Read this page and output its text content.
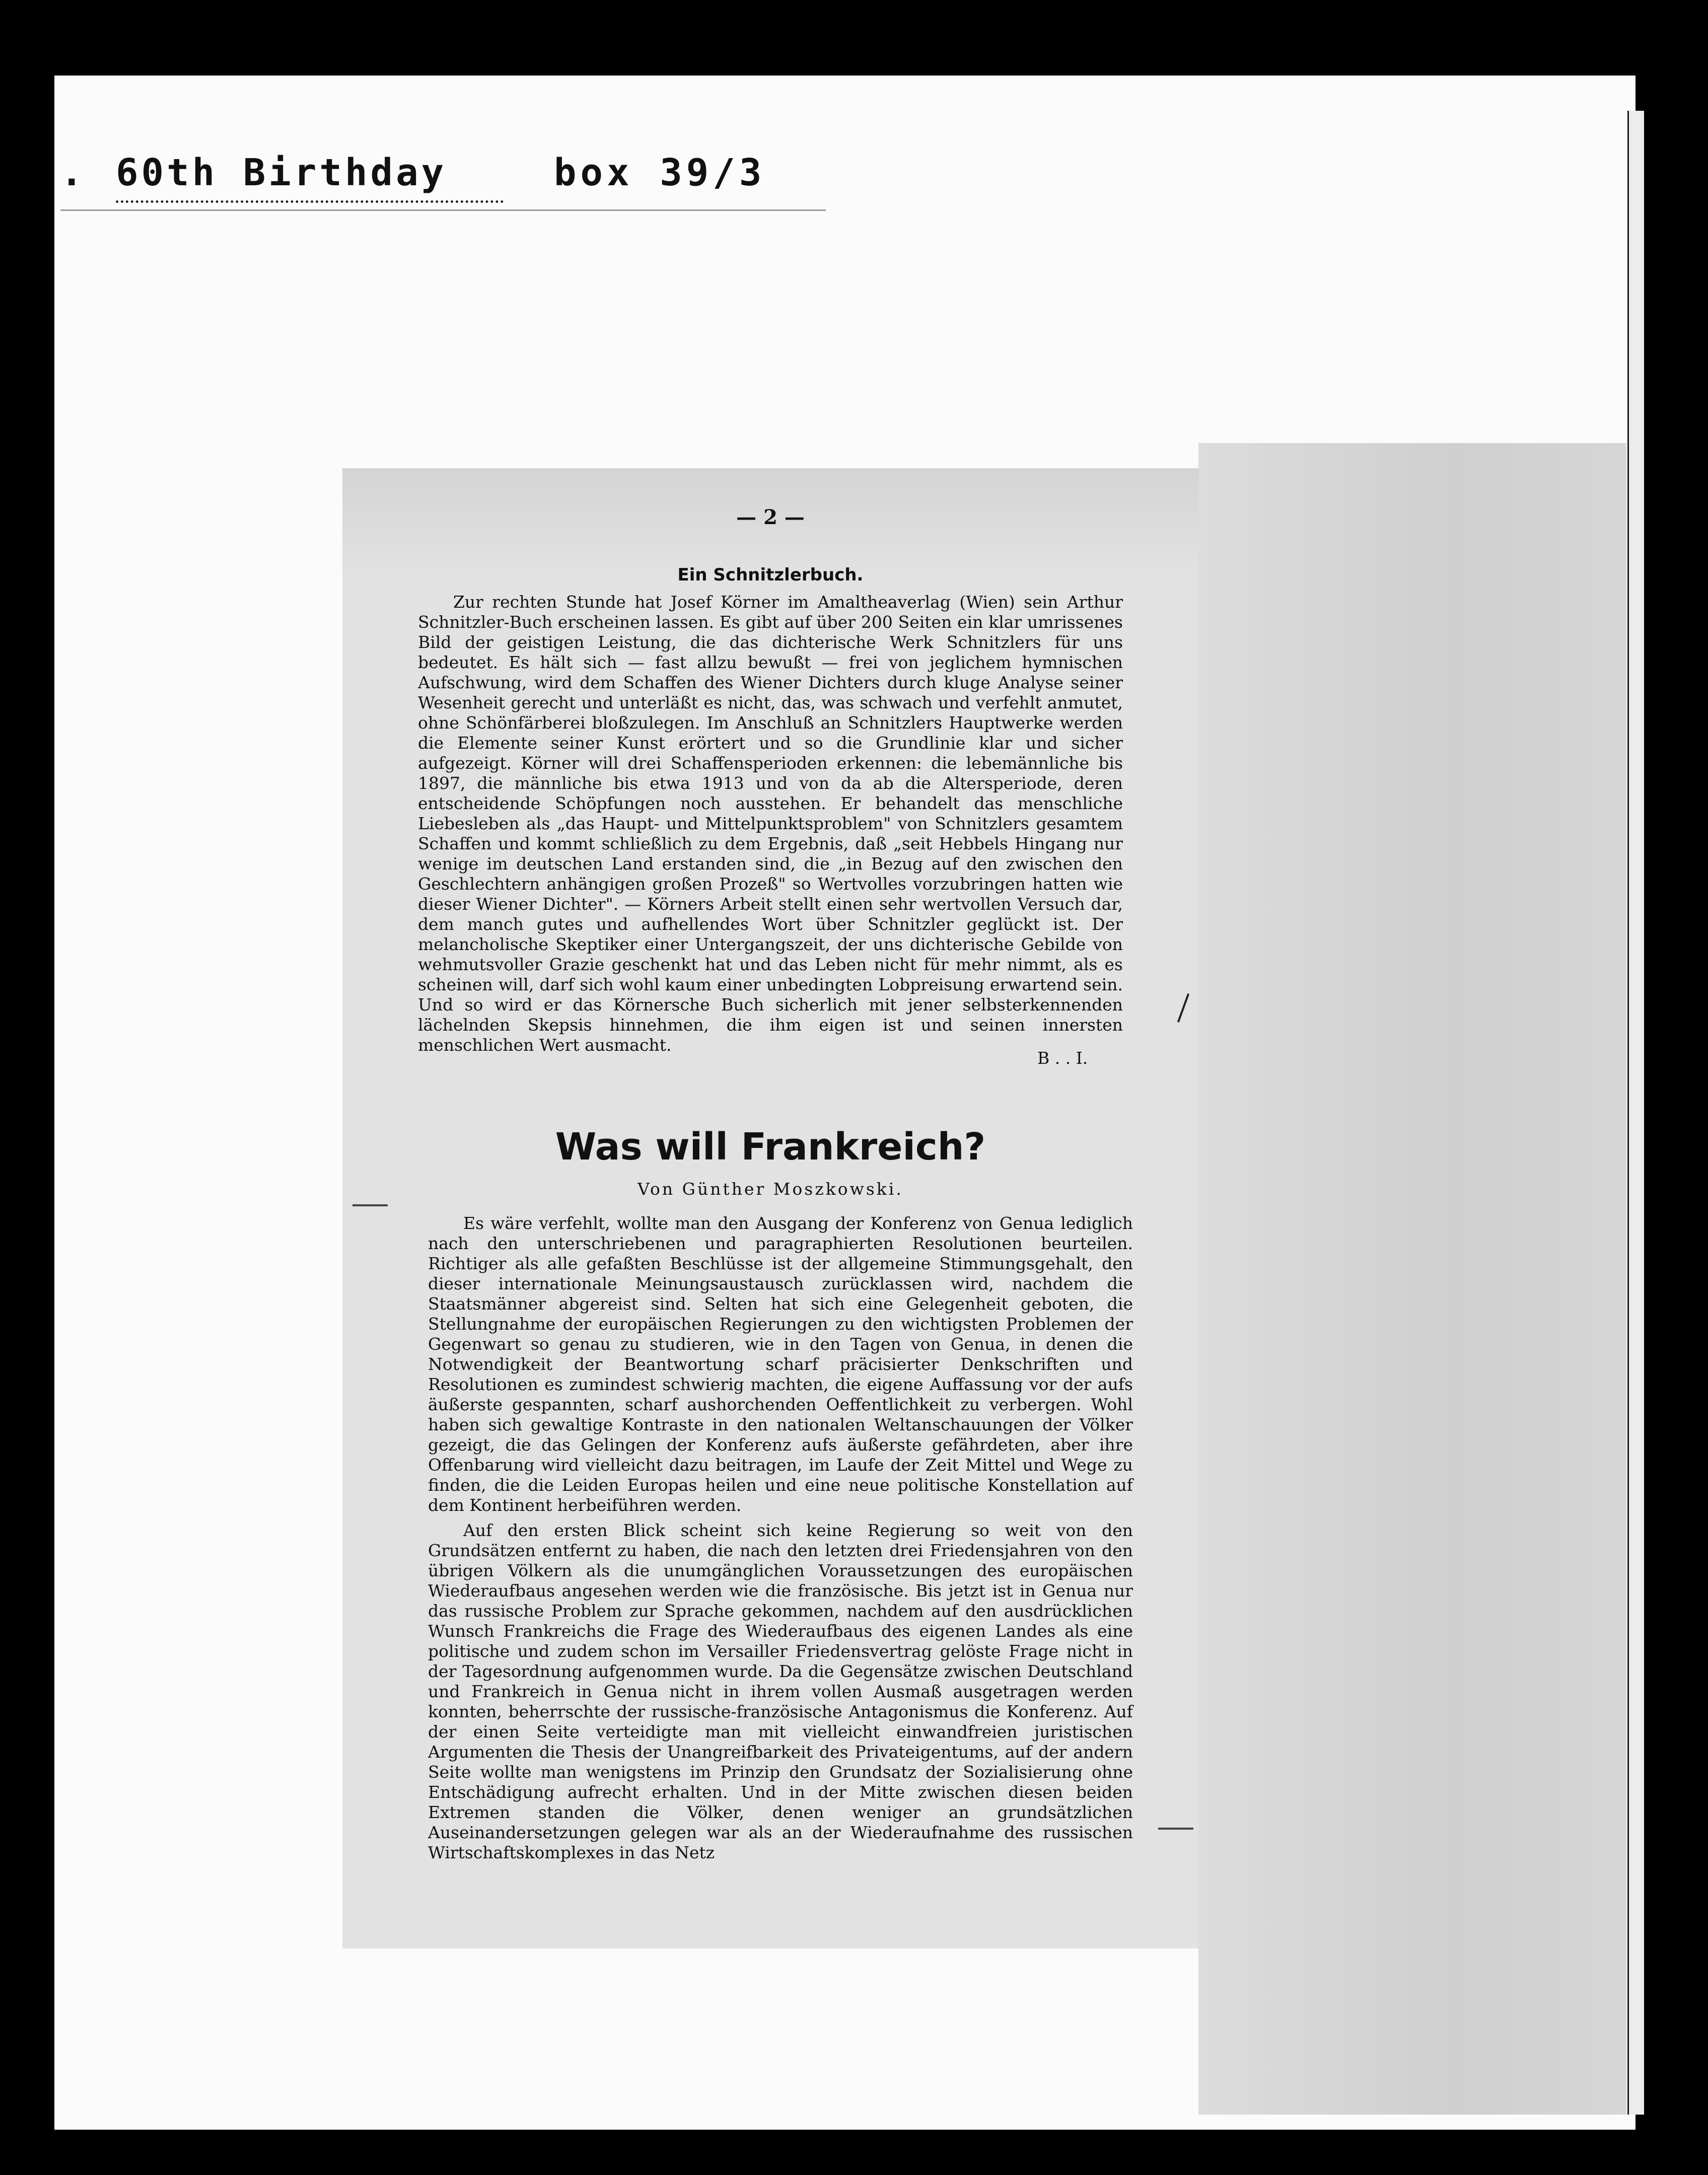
. 60th Birthday	box 39/3
— 2 —
Ein Schnitzlerbuch.
Zur rechten Stunde hat Josef Körner im Amaltheaverlag (Wien) sein Arthur Schnitzler-Buch erscheinen lassen. Es gibt auf über 200 Seiten ein klar umrissenes Bild der geistigen Leistung, die das dichterische Werk Schnitzlers für uns bedeutet. Es hält sich — fast allzu bewußt — frei von jeglichem hymnischen Aufschwung, wird dem Schaffen des Wiener Dichters durch kluge Analyse seiner Wesenheit gerecht und unterläßt es nicht, das, was schwach und verfehlt anmutet, ohne Schönfärberei bloßzulegen. Im Anschluß an Schnitzlers Hauptwerke werden die Elemente seiner Kunst erörtert und so die Grundlinie klar und sicher aufgezeigt. Körner will drei Schaffensperioden erkennen: die lebemännliche bis 1897, die männliche bis etwa 1913 und von da ab die Altersperiode, deren entscheidende Schöpfungen noch ausstehen. Er behandelt das menschliche Liebesleben als „das Haupt- und Mittelpunktsproblem" von Schnitzlers gesamtem Schaffen und kommt schließlich zu dem Ergebnis, daß „seit Hebbels Hingang nur wenige im deutschen Land erstanden sind, die „in Bezug auf den zwischen den Geschlechtern anhängigen großen Prozeß" so Wertvolles vorzubringen hatten wie dieser Wiener Dichter". — Körners Arbeit stellt einen sehr wertvollen Versuch dar, dem manch gutes und aufhellendes Wort über Schnitzler geglückt ist. Der melancholische Skeptiker einer Untergangszeit, der uns dichterische Gebilde von wehmutsvoller Grazie geschenkt hat und das Leben nicht für mehr nimmt, als es scheinen will, darf sich wohl kaum einer unbedingten Lobpreisung erwartend sein. Und so wird er das Körnersche Buch sicherlich mit jener selbsterkennenden lächelnden Skepsis hinnehmen, die ihm eigen ist und seinen innersten menschlichen Wert ausmacht.
B . . I.
Was will Frankreich?
Von Günther Moszkowski.
Es wäre verfehlt, wollte man den Ausgang der Konferenz von Genua lediglich nach den unterschriebenen und paragraphierten Resolutionen beurteilen. Richtiger als alle gefaßten Beschlüsse ist der allgemeine Stimmungsgehalt, den dieser internationale Meinungsaustausch zurücklassen wird, nachdem die Staatsmänner abgereist sind. Selten hat sich eine Gelegenheit geboten, die Stellungnahme der europäischen Regierungen zu den wichtigsten Problemen der Gegenwart so genau zu studieren, wie in den Tagen von Genua, in denen die Notwendigkeit der Beantwortung scharf präcisierter Denkschriften und Resolutionen es zumindest schwierig machten, die eigene Auffassung vor der aufs äußerste gespannten, scharf aushorchenden Oeffentlichkeit zu verbergen. Wohl haben sich gewaltige Kontraste in den nationalen Weltanschauungen der Völker gezeigt, die das Gelingen der Konferenz aufs äußerste gefährdeten, aber ihre Offenbarung wird vielleicht dazu beitragen, im Laufe der Zeit Mittel und Wege zu finden, die die Leiden Europas heilen und eine neue politische Konstellation auf dem Kontinent herbeiführen werden.
Auf den ersten Blick scheint sich keine Regierung so weit von den Grundsätzen entfernt zu haben, die nach den letzten drei Friedensjahren von den übrigen Völkern als die unumgänglichen Voraussetzungen des europäischen Wiederaufbaus angesehen werden wie die französische. Bis jetzt ist in Genua nur das russische Problem zur Sprache gekommen, nachdem auf den ausdrücklichen Wunsch Frankreichs die Frage des Wiederaufbaus des eigenen Landes als eine politische und zudem schon im Versailler Friedensvertrag gelöste Frage nicht in der Tagesordnung aufgenommen wurde. Da die Gegensätze zwischen Deutschland und Frankreich in Genua nicht in ihrem vollen Ausmaß ausgetragen werden konnten, beherrschte der russische-französische Antagonismus die Konferenz. Auf der einen Seite verteidigte man mit vielleicht einwandfreien juristischen Argumenten die Thesis der Unangreifbarkeit des Privateigentums, auf der andern Seite wollte man wenigstens im Prinzip den Grundsatz der Sozialisierung ohne Entschädigung aufrecht erhalten. Und in der Mitte zwischen diesen beiden Extremen standen die Völker, denen weniger an grundsätzlichen Auseinandersetzungen gelegen war als an der Wiederaufnahme des russischen Wirtschaftskomplexes in das Netz
